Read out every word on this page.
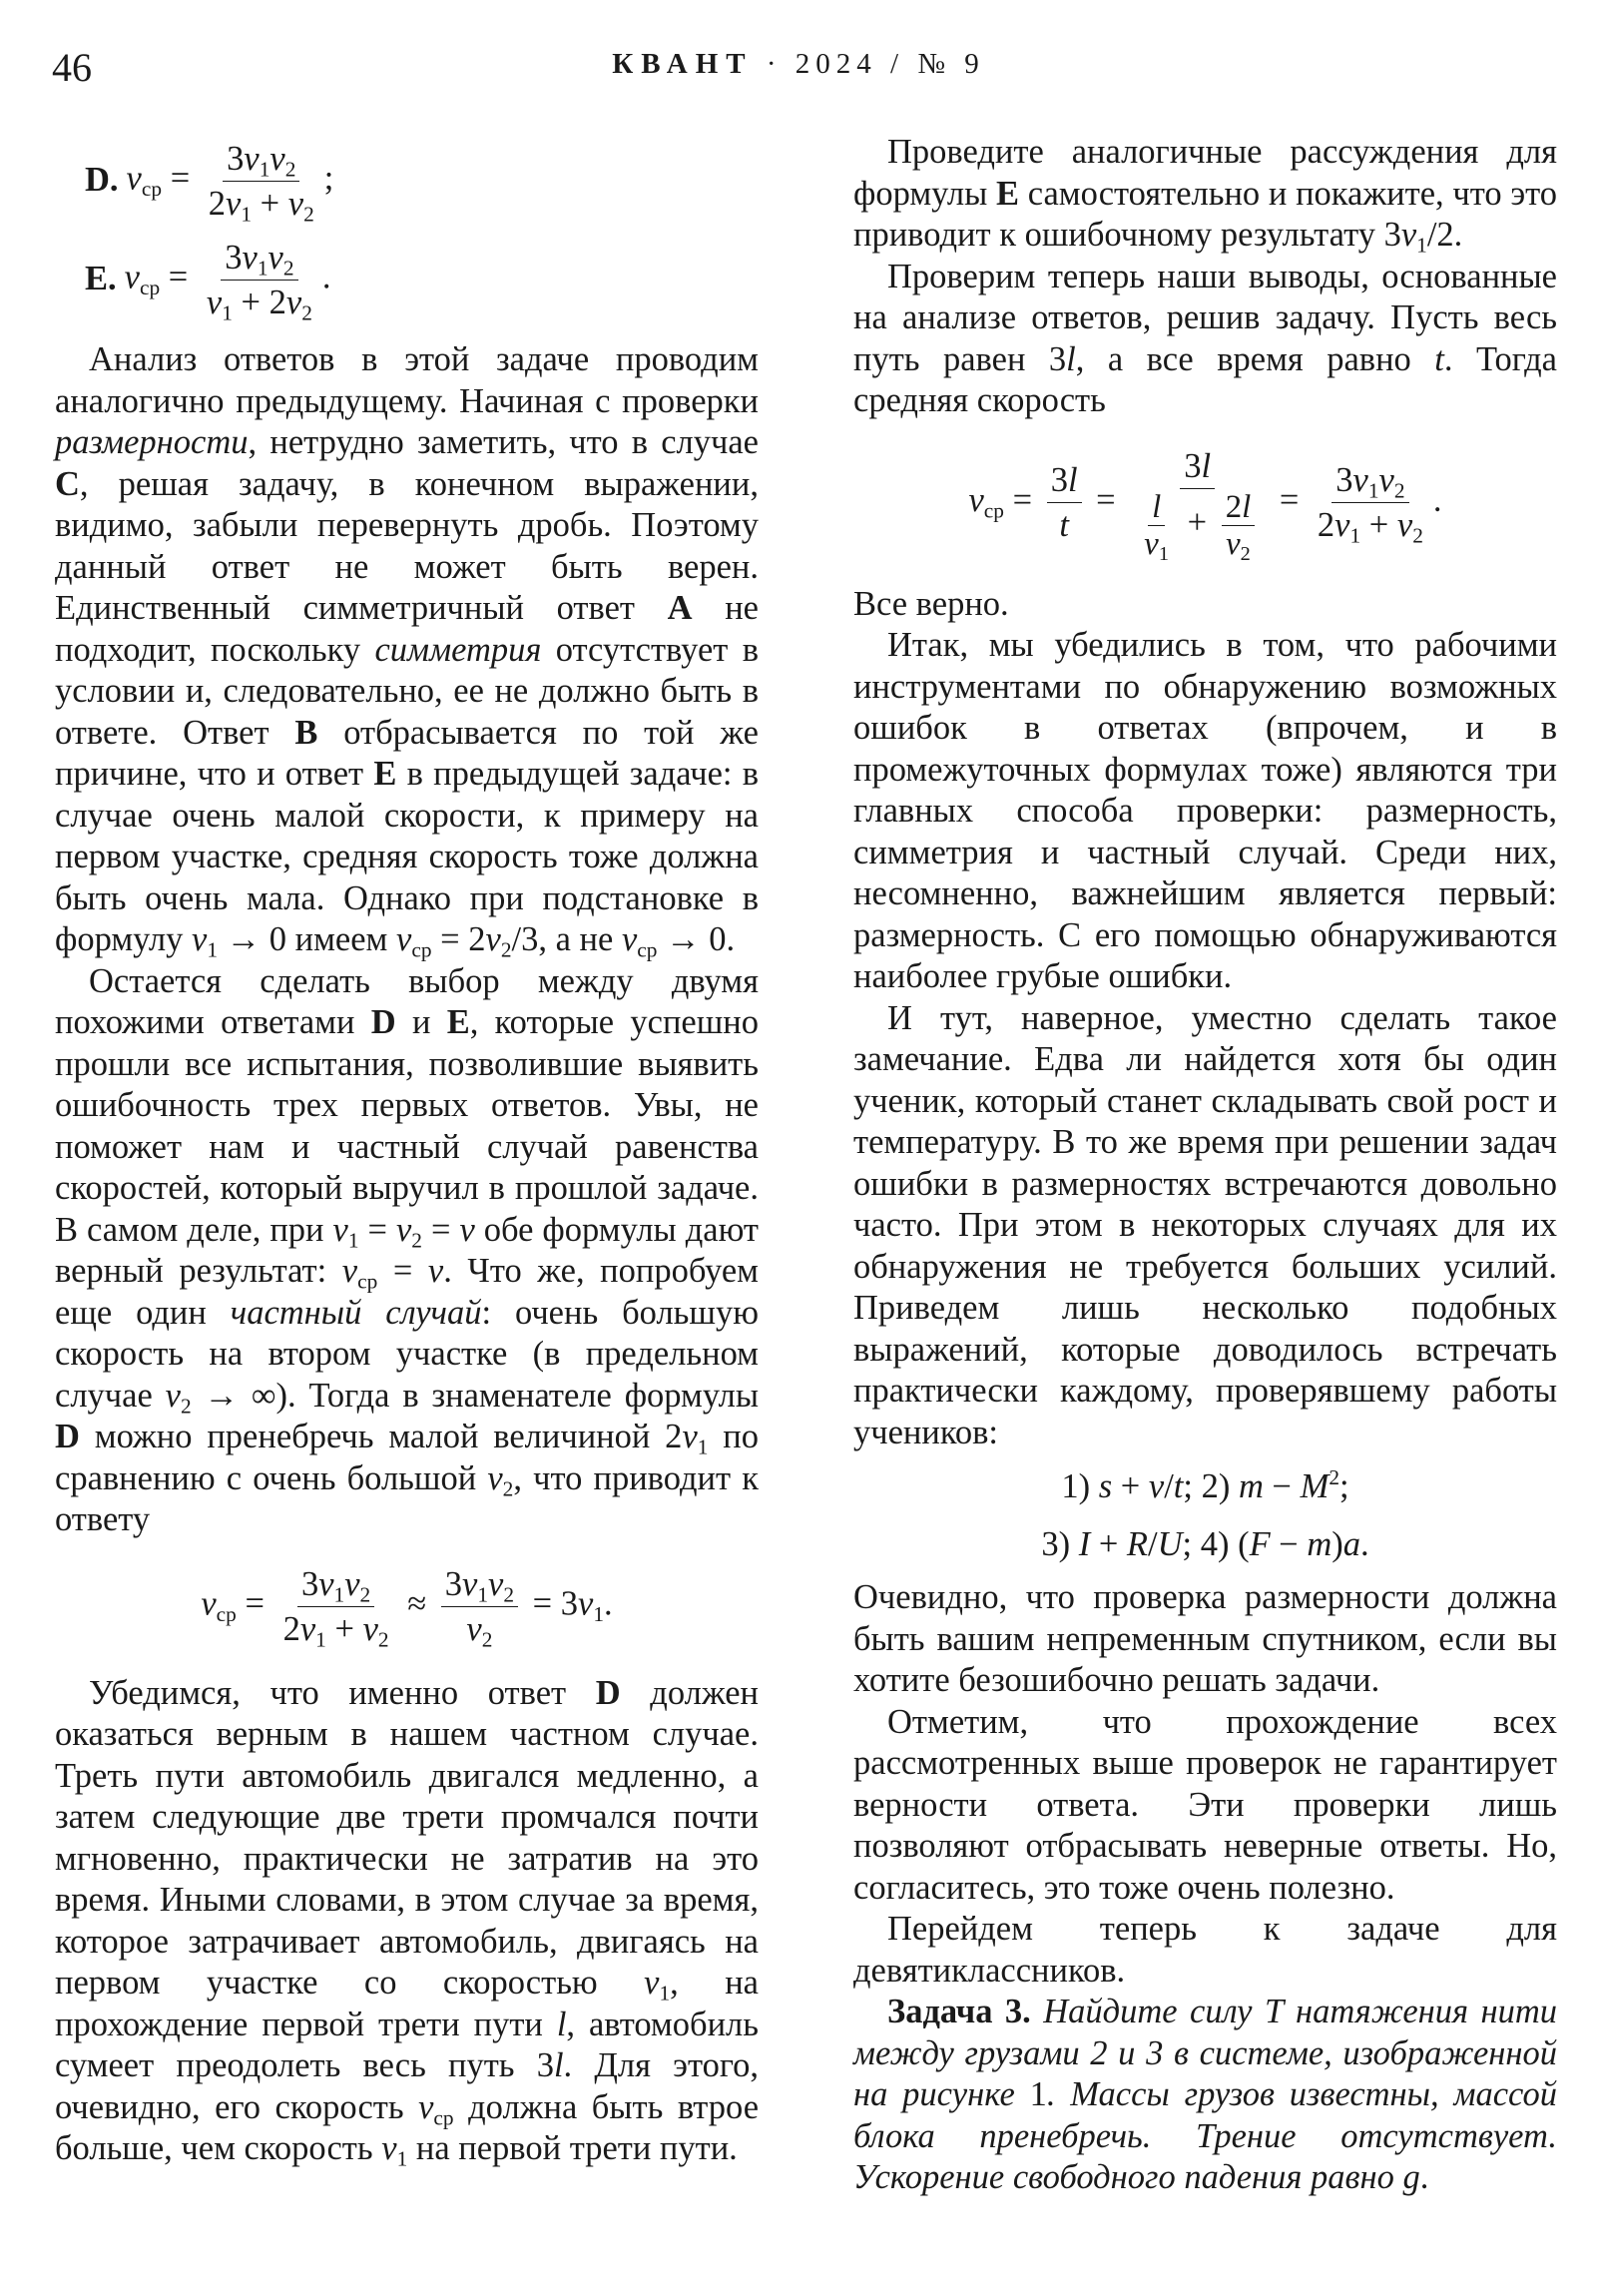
46	КВАНТ · 2024 / № 9
D. $v_{ср} = \frac{3v_1v_2}{2v_1 + v_2}$ ;
E. $v_{ср} = \frac{3v_1v_2}{v_1 + 2v_2}$ .

Анализ ответов в этой задаче проводим аналогично предыдущему. Начиная с проверки размерности, нетрудно заметить, что в случае C, решая задачу, в конечном выражении, видимо, забыли перевернуть дробь. Поэтому данный ответ не может быть верен. Единственный симметричный ответ A не подходит, поскольку симметрия отсутствует в условии и, следовательно, ее не должно быть в ответе. Ответ B отбрасывается по той же причине, что и ответ E в предыдущей задаче: в случае очень малой скорости, к примеру на первом участке, средняя скорость тоже должна быть очень мала. Однако при подстановке в формулу $v_1 \to 0$ имеем $v_{ср} = 2v_2/3$, а не $v_{ср} \to 0$.

Остается сделать выбор между двумя похожими ответами D и E, которые успешно прошли все испытания, позволившие выявить ошибочность трех первых ответов. Увы, не поможет нам и частный случай равенства скоростей, который выручил в прошлой задаче. В самом деле, при $v_1 = v_2 = v$ обе формулы дают верный результат: $v_{ср} = v$. Что же, попробуем еще один частный случай: очень большую скорость на втором участке (в предельном случае $v_2$ → ∞). Тогда в знаменателе формулы D можно пренебречь малой величиной $2v_1$ по сравнению с очень большой $v_2$, что приводит к ответу

$v_{ср} = \frac{3v_1v_2}{2v_1 + v_2} \approx \frac{3v_1v_2}{v_2} = 3v_1$.

Убедимся, что именно ответ D должен оказаться верным в нашем частном случае. Треть пути автомобиль двигался медленно, а затем следующие две трети промчался почти мгновенно, практически не затратив на это время. Иными словами, в этом случае за время, которое затрачивает автомобиль, двигаясь на первом участке со скоростью $v_1$, на прохождение первой трети пути l, автомобиль сумеет преодолеть весь путь 3l. Для этого, очевидно, его скорость $v_{ср}$ должна быть втрое больше, чем скорость $v_1$ на первой трети пути.

Проведите аналогичные рассуждения для формулы E самостоятельно и покажите, что это приводит к ошибочному результату $3v_1/2$.

Проверим теперь наши выводы, основанные на анализе ответов, решив задачу. Пусть весь путь равен 3l, а все время равно t. Тогда средняя скорость

$v_{ср} = \frac{3l}{t} = \frac{3l}{\frac{l}{v_1} + \frac{2l}{v_2}} = \frac{3v_1v_2}{2v_1 + v_2}$ .

Все верно.

Итак, мы убедились в том, что рабочими инструментами по обнаружению возможных ошибок в ответах (впрочем, и в промежуточных формулах тоже) являются три главных способа проверки: размерность, симметрия и частный случай. Среди них, несомненно, важнейшим является первый: размерность. С его помощью обнаруживаются наиболее грубые ошибки.

И тут, наверное, уместно сделать такое замечание. Едва ли найдется хотя бы один ученик, который станет складывать свой рост и температуру. В то же время при решении задач ошибки в размерностях встречаются довольно часто. При этом в некоторых случаях для их обнаружения не требуется больших усилий. Приведем лишь несколько подобных выражений, которые доводилось встречать практически каждому, проверявшему работы учеников:

1) s + v/t; 2) $m - M^2$;
3) I + R/U; 4) (F − m)a.

Очевидно, что проверка размерности должна быть вашим непременным спутником, если вы хотите безошибочно решать задачи.

Отметим, что прохождение всех рассмотренных выше проверок не гарантирует верности ответа. Эти проверки лишь позволяют отбрасывать неверные ответы. Но, согласитесь, это тоже очень полезно.

Перейдем теперь к задаче для девятиклассников.

Задача 3. Найдите силу T натяжения нити между грузами 2 и 3 в системе, изображенной на рисунке 1. Массы грузов известны, массой блока пренебречь. Трение отсутствует. Ускорение свободного падения равно g.
